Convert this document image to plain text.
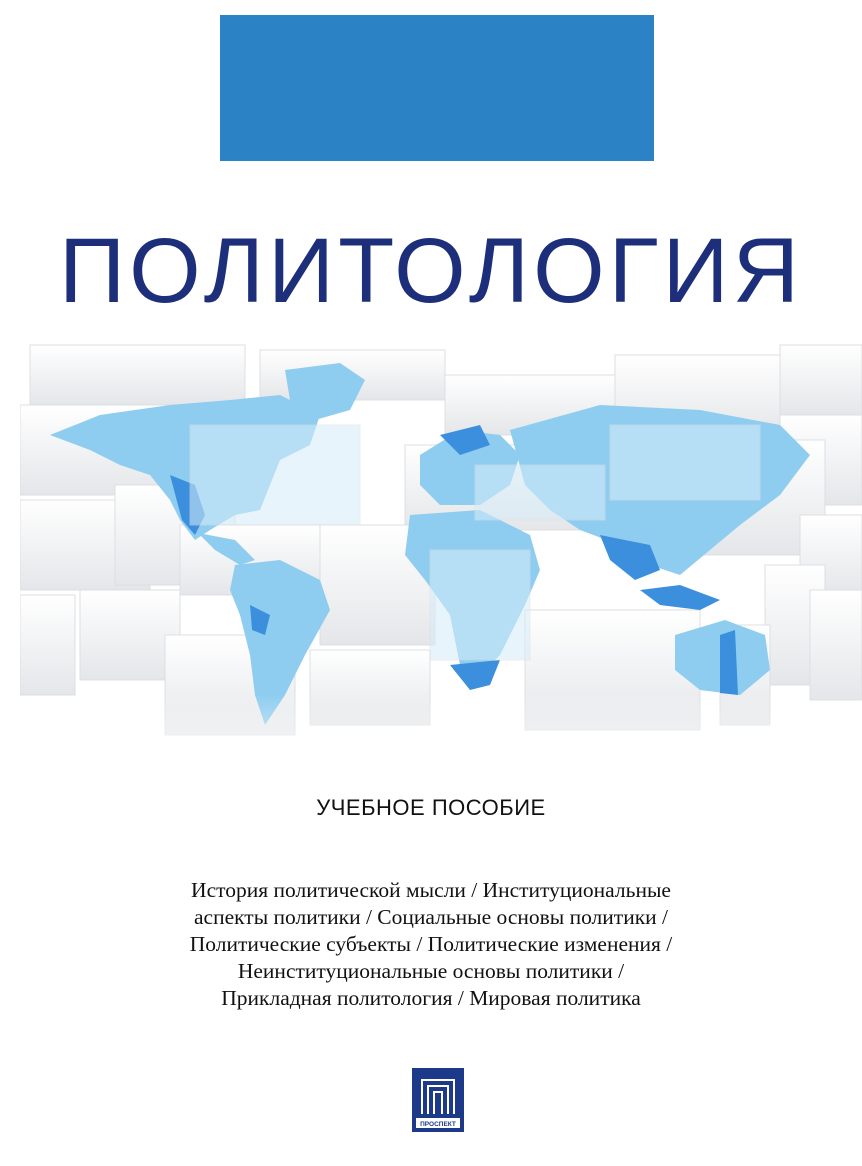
ПОЛИТОЛОГИЯ
УЧЕБНОЕ ПОСОБИЕ
История политической мысли / Институциональные
аспекты политики / Социальные основы политики /
Политические субъекты / Политические изменения /
Неинституциональные основы политики /
Прикладная политология / Мировая политика
ПРОСПЕКТ
